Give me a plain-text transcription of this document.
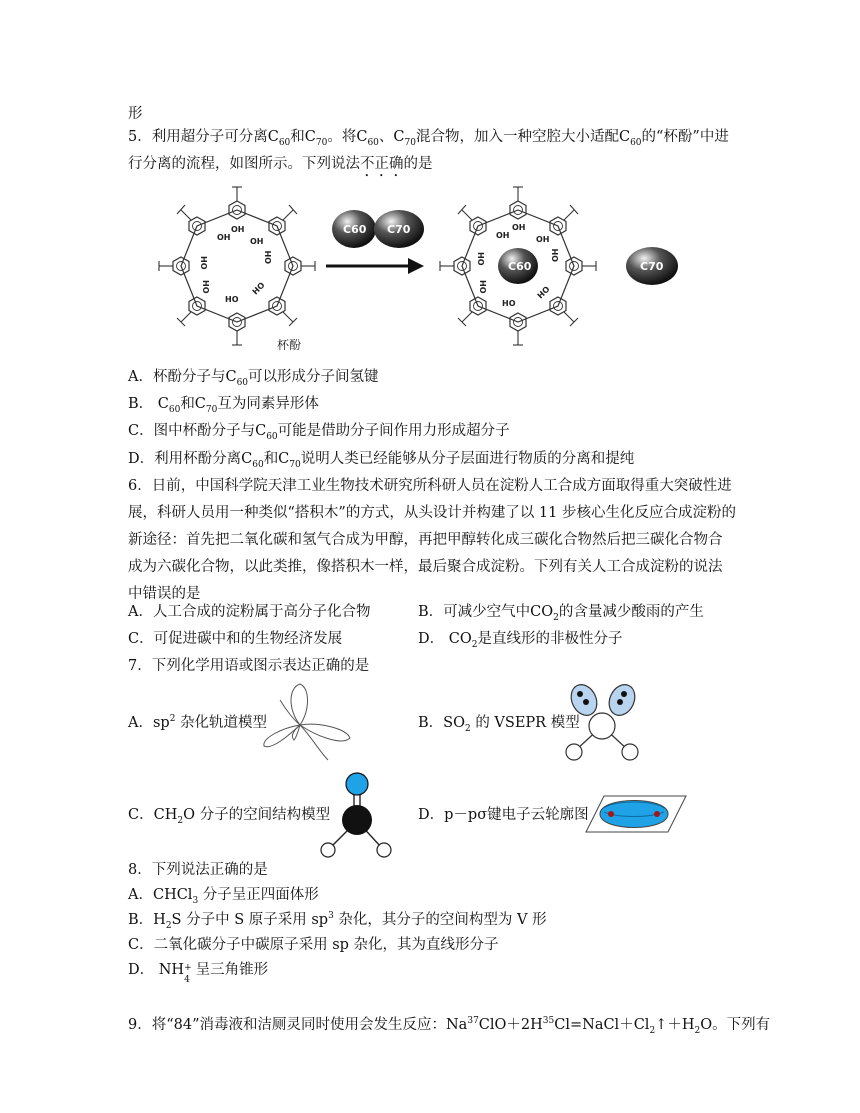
形
5．利用超分子可分离$C_{60}$和$C_{70}$。将$C_{60}$、$C_{70}$混合物，加入一种空腔大小适配$C_{60}$的“杯酚”中进
行分离的流程，如图所示。下列说法不正确的是
OH
OH
OH
HO	OH
HO
HO
HO
杯酚
C60 C70	OH
OH
OH
HO	OH
HO
HO
HO
C60	C70
A．杯酚分子与$C_{60}$可以形成分子间氢键
B． $C_{60}$和$C_{70}$互为同素异形体
C．图中杯酚分子与$C_{60}$可能是借助分子间作用力形成超分子
D．利用杯酚分离$C_{60}$和$C_{70}$说明人类已经能够从分子层面进行物质的分离和提纯
6．日前，中国科学院天津工业生物技术研究所科研人员在淀粉人工合成方面取得重大突破性进
展，科研人员用一种类似“搭积木”的方式，从头设计并构建了以 11 步核心生化反应合成淀粉的
新途径：首先把二氧化碳和氢气合成为甲醇，再把甲醇转化成三碳化合物然后把三碳化合物合
成为六碳化合物，以此类推，像搭积木一样，最后聚合成淀粉。下列有关人工合成淀粉的说法
中错误的是
A．人工合成的淀粉属于高分子化合物	B．可减少空气中$CO_2$的含量减少酸雨的产生
C．可促进碳中和的生物经济发展	D． $CO_2$是直线形的非极性分子
7．下列化学用语或图示表达正确的是
A．$sp^2$ 杂化轨道模型	B．$SO_2$ 的 VSEPR 模型
C．$CH_2O$ 分子的空间结构模型	D．p－pσ键电子云轮廓图
8．下列说法正确的是
A．CHCl$_3$ 分子呈正四面体形
B．$H_2S$ 分子中 S 原子采用 $sp^3$ 杂化，其分子的空间构型为 V 形
C．二氧化碳分子中碳原子采用 sp 杂化，其为直线形分子
D． NH +
4
呈三角锥形
9．将“84”消毒液和洁厕灵同时使用会发生反应：$Na^{37}ClO+2H^{35}Cl=NaCl+Cl_2↑+H_2O$。下列有
